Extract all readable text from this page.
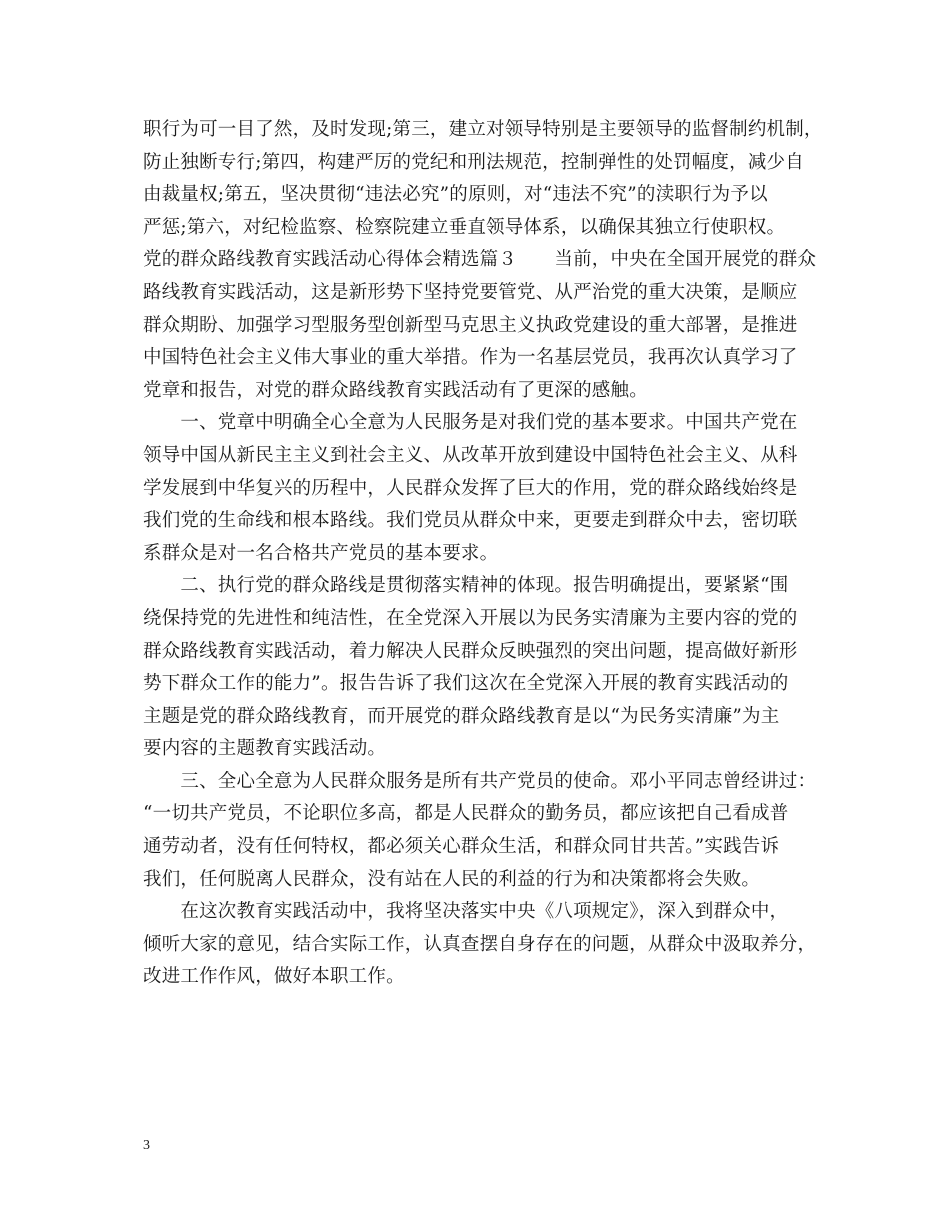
职行为可一目了然，及时发现;第三，建立对领导特别是主要领导的监督制约机制，
防止独断专行;第四，构建严厉的党纪和刑法规范，控制弹性的处罚幅度，减少自
由裁量权;第五，坚决贯彻“违法必究”的原则，对“违法不究”的渎职行为予以
严惩;第六，对纪检监察、检察院建立垂直领导体系，以确保其独立行使职权。
党的群众路线教育实践活动心得体会精选篇３　　当前，中央在全国开展党的群众
路线教育实践活动，这是新形势下坚持党要管党、从严治党的重大决策，是顺应
群众期盼、加强学习型服务型创新型马克思主义执政党建设的重大部署，是推进
中国特色社会主义伟大事业的重大举措。作为一名基层党员，我再次认真学习了
党章和报告，对党的群众路线教育实践活动有了更深的感触。
　　一、党章中明确全心全意为人民服务是对我们党的基本要求。中国共产党在
领导中国从新民主主义到社会主义、从改革开放到建设中国特色社会主义、从科
学发展到中华复兴的历程中，人民群众发挥了巨大的作用，党的群众路线始终是
我们党的生命线和根本路线。我们党员从群众中来，更要走到群众中去，密切联
系群众是对一名合格共产党员的基本要求。
　　二、执行党的群众路线是贯彻落实精神的体现。报告明确提出，要紧紧“围
绕保持党的先进性和纯洁性，在全党深入开展以为民务实清廉为主要内容的党的
群众路线教育实践活动，着力解决人民群众反映强烈的突出问题，提高做好新形
势下群众工作的能力”。报告告诉了我们这次在全党深入开展的教育实践活动的
主题是党的群众路线教育，而开展党的群众路线教育是以“为民务实清廉”为主
要内容的主题教育实践活动。
　　三、全心全意为人民群众服务是所有共产党员的使命。邓小平同志曾经讲过：
“一切共产党员，不论职位多高，都是人民群众的勤务员，都应该把自己看成普
通劳动者，没有任何特权，都必须关心群众生活，和群众同甘共苦。”实践告诉
我们，任何脱离人民群众，没有站在人民的利益的行为和决策都将会失败。
　　在这次教育实践活动中，我将坚决落实中央《八项规定》，深入到群众中，
倾听大家的意见，结合实际工作，认真查摆自身存在的问题，从群众中汲取养分，
改进工作作风，做好本职工作。
3
